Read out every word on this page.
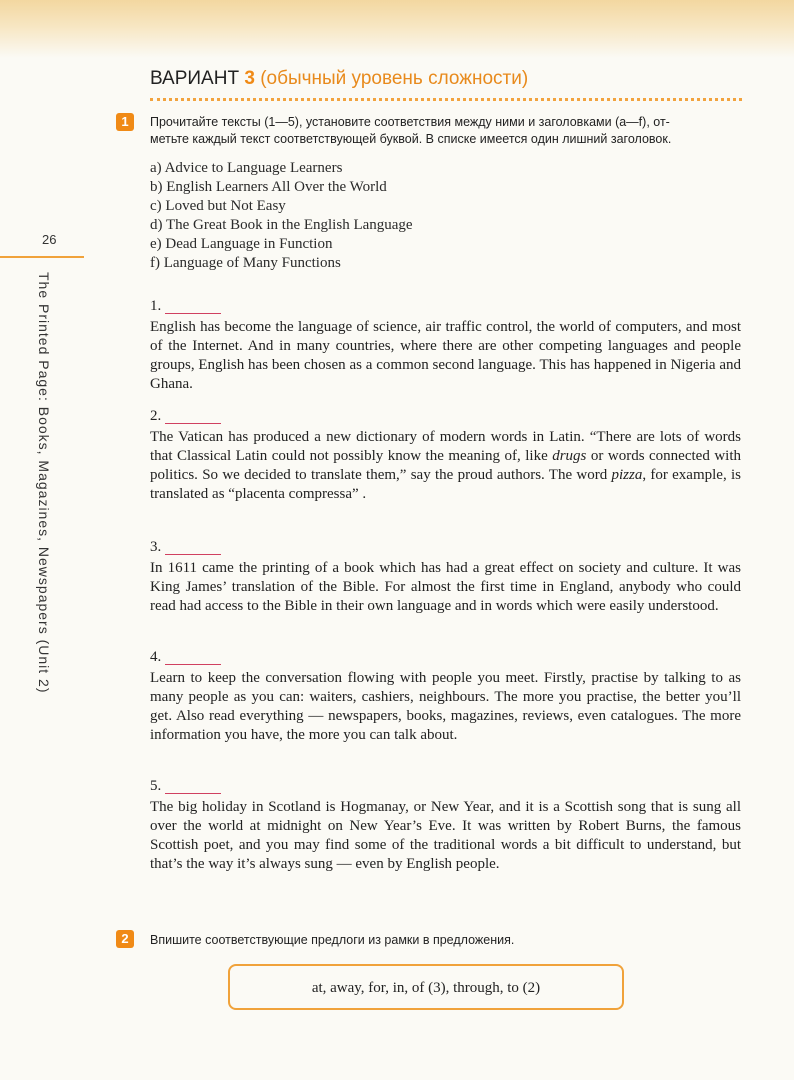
26
The Printed Page: Books, Magazines, Newspapers (Unit 2)
ВАРИАНТ 3 (обычный уровень сложности)
1	Прочитайте тексты (1—5), установите соответствия между ними и заголовками (a—f), от-
метьте каждый текст соответствующей буквой. В списке имеется один лишний заголовок.
a) Advice to Language Learners
b) English Learners All Over the World
c) Loved but Not Easy
d) The Great Book in the English Language
e) Dead Language in Function
f) Language of Many Functions
1.

English has become the language of science, air traffic control, the world of computers, and most of the Internet. And in many countries, where there are other competing languages and people groups, English has been chosen as a common second language. This has happened in Nigeria and Ghana.

2.

The Vatican has produced a new dictionary of modern words in Latin. “There are lots of words that Classical Latin could not possibly know the meaning of, like drugs or words connected with politics. So we decided to translate them,” say the proud authors. The word pizza, for example, is translated as “placenta compressa” .

3.

In 1611 came the printing of a book which has had a great effect on society and culture. It was King James’ translation of the Bible. For almost the first time in England, anybody who could read had access to the Bible in their own language and in words which were easily understood.

4.

Learn to keep the conversation flowing with people you meet. Firstly, practise by talking to as many people as you can: waiters, cashiers, neighbours. The more you practise, the better you’ll get. Also read everything — newspapers, books, magazines, reviews, even catalogues. The more information you have, the more you can talk about.

5.

The big holiday in Scotland is Hogmanay, or New Year, and it is a Scottish song that is sung all over the world at midnight on New Year’s Eve. It was written by Robert Burns, the famous Scottish poet, and you may find some of the traditional words a bit difficult to understand, but that’s the way it’s always sung — even by English people.

2	Впишите соответствующие предлоги из рамки в предложения.
at, away, for, in, of (3), through, to (2)
